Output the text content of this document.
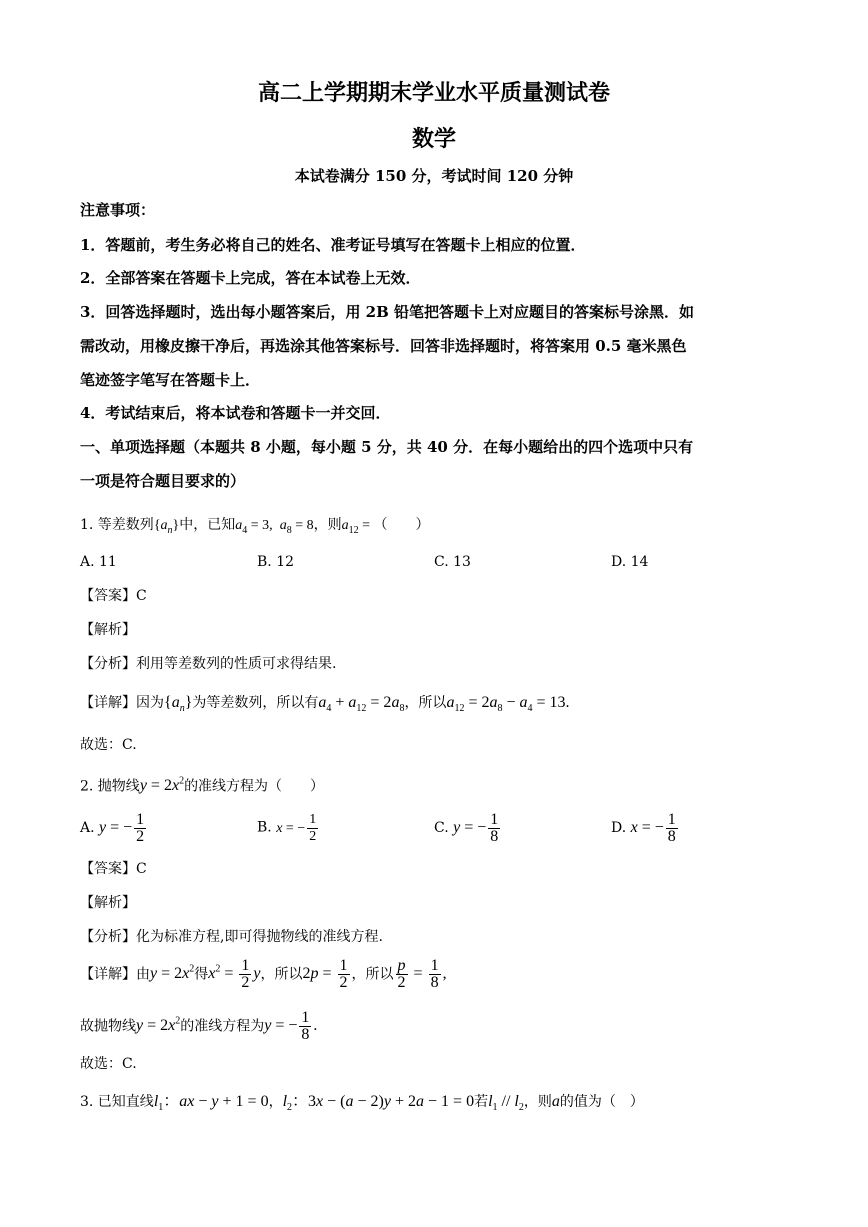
高二上学期期末学业水平质量测试卷
数学
本试卷满分 150 分，考试时间 120 分钟
注意事项：
1．答题前，考生务必将自己的姓名、准考证号填写在答题卡上相应的位置．
2．全部答案在答题卡上完成，答在本试卷上无效．
3．回答选择题时，选出每小题答案后，用 2B 铅笔把答题卡上对应题目的答案标号涂黑．如
需改动，用橡皮擦干净后，再选涂其他答案标号．回答非选择题时，将答案用 0.5 毫米黑色
笔迹签字笔写在答题卡上．
4．考试结束后，将本试卷和答题卡一并交回．
一、单项选择题（本题共 8 小题，每小题 5 分，共 40 分．在每小题给出的四个选项中只有
一项是符合题目要求的）
1. 等差数列$\{a_n\}$中，已知$a_4 = 3$,  $a_8 = 8$，则$a_{12}$ = （　　）
A. 11	B. 12	C. 13	D. 14
【答案】C
【解析】
【分析】利用等差数列的性质可求得结果.
【详解】因为$\{a_n\}$为等差数列，所以有$a_4 + a_{12} = 2a_8$，所以$a_{12} = 2a_8 - a_4 = 13$.
故选：C.
2. 抛物线$y = 2x^2$的准线方程为（　　）
A. y = − $\frac{1}{2}$	B. x = − $\frac{1}{2}$	C. y = − $\frac{1}{8}$	D. x = − $\frac{1}{8}$
【答案】C
【解析】
【分析】化为标准方程,即可得抛物线的准线方程.
【详解】由$y = 2x^2$得$x^2 = \frac{1}{2}$ y，所以$2p = \frac{1}{2}$ ，所以 $\frac{p}{2} = \frac{1}{8}$ ,
故抛物线$y = 2x^2$的准线方程为y = − $\frac{1}{8}$ .
故选：C.
3. 已知直线$l_1$：ax − y + 1 = 0，$l_2$：3x − (a − 2)y + 2a − 1 = 0若$l_1 // l_2$，则a的值为（　）
